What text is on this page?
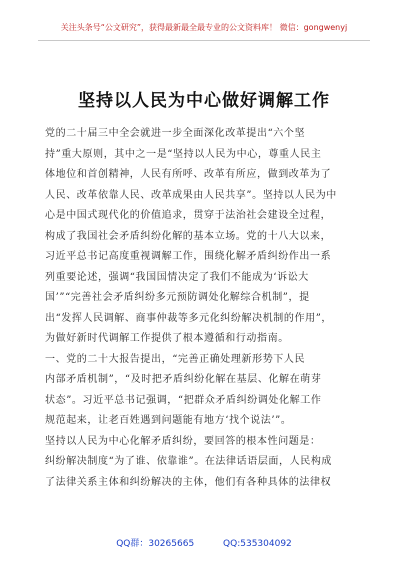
关注头条号“公文研究”，获得最新最全最专业的公文资料库！ 微信：gongwenyj
坚持以人民为中心做好调解工作
党的二十届三中全会就进一步全面深化改革提出“六个坚
持”重大原则，其中之一是“坚持以人民为中心，尊重人民主
体地位和首创精神，人民有所呼、改革有所应，做到改革为了
人民、改革依靠人民、改革成果由人民共享”。坚持以人民为中
心是中国式现代化的价值追求，贯穿于法治社会建设全过程，
构成了我国社会矛盾纠纷化解的基本立场。党的十八大以来，
习近平总书记高度重视调解工作，围绕化解矛盾纠纷作出一系
列重要论述，强调“我国国情决定了我们不能成为‘诉讼大
国’”“完善社会矛盾纠纷多元预防调处化解综合机制”，提
出“发挥人民调解、商事仲裁等多元化纠纷解决机制的作用”，
为做好新时代调解工作提供了根本遵循和行动指南。
一、党的二十大报告提出，“完善正确处理新形势下人民
内部矛盾机制”，“及时把矛盾纠纷化解在基层、化解在萌芽
状态”。习近平总书记强调，“把群众矛盾纠纷调处化解工作
规范起来，让老百姓遇到问题能有地方‘找个说法’”。
坚持以人民为中心化解矛盾纠纷，要回答的根本性问题是：
纠纷解决制度“为了谁、依靠谁”。在法律话语层面，人民构成
了法律关系主体和纠纷解决的主体，他们有各种具体的法律权
QQ群：30265665	QQ:535304092
